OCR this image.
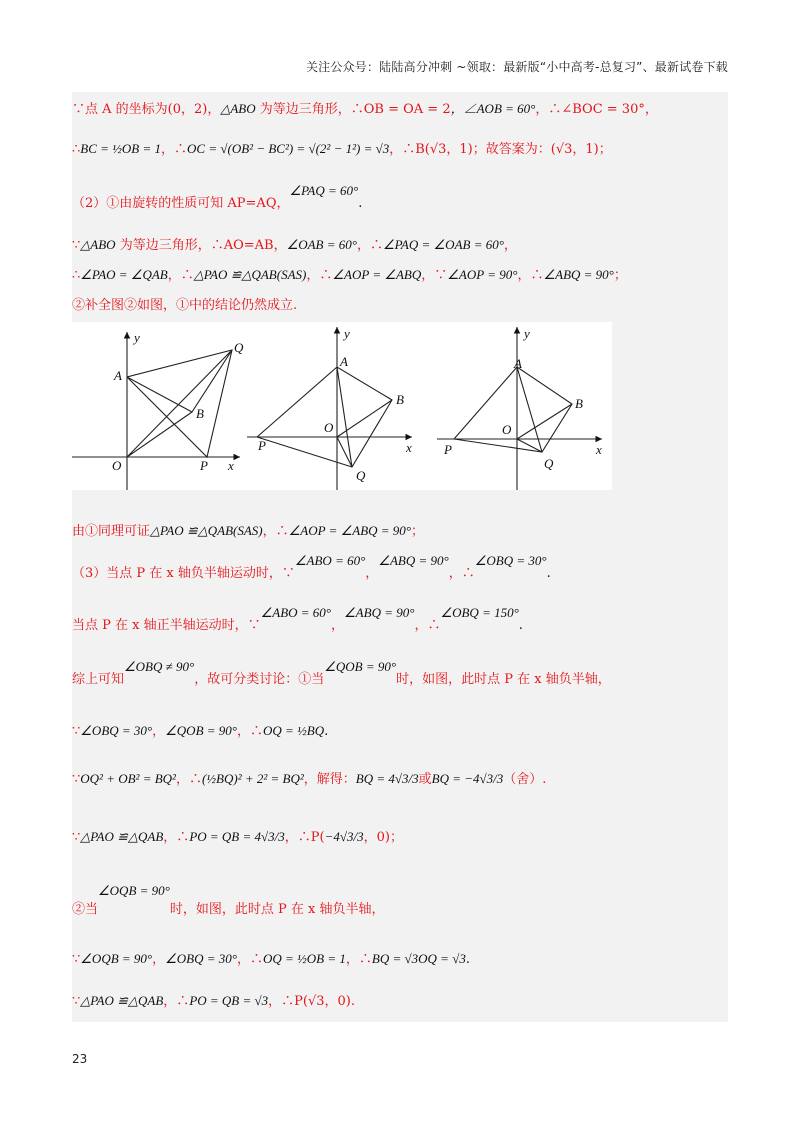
关注公众号：陆陆高分冲刺 ~领取：最新版“小中高考-总复习”、最新试卷下载
∵点 A 的坐标为(0，2)，△ABO 为等边三角形，∴OB = OA = 2，∠AOB = 60°，∴∠BOC = 30°，
∴BC = ½OB = 1，∴OC = √(OB² − BC²) = √(2² − 1²) = √3，∴B(√3，1)；故答案为：(√3，1)；
（2）①由旋转的性质可知 AP=AQ，∠PAQ = 60°.
∵△ABO 为等边三角形，∴AO=AB，∠OAB = 60°，∴∠PAQ = ∠OAB = 60°，
∴∠PAO = ∠QAB，∴△PAO ≌△QAB(SAS)，∴∠AOP = ∠ABQ，∵∠AOP = 90°，∴∠ABQ = 90°；
②补全图②如图，①中的结论仍然成立.
由①同理可证△PAO ≌△QAB(SAS)，∴∠AOP = ∠ABQ = 90°；
（3）当点 P 在 x 轴负半轴运动时，∵∠ABO = 60°，∠ABQ = 90°，∴∠OBQ = 30°.
当点 P 在 x 轴正半轴运动时，∵∠ABO = 60°，∠ABQ = 90°，∴∠OBQ = 150°.
综上可知∠OBQ ≠ 90°，故可分类讨论：①当∠QOB = 90°时，如图，此时点 P 在 x 轴负半轴，
∵∠OBQ = 30°，∠QOB = 90°，∴OQ = ½BQ.
∵OQ² + OB² = BQ²，∴(½BQ)² + 2² = BQ²，解得：BQ = 4√3/3或BQ = −4√3/3（舍）.
∵△PAO ≌△QAB，∴PO = QB = 4√3/3，∴P(−4√3/3，0)；
②当∠OQB = 90°时，如图，此时点 P 在 x 轴负半轴，
∵∠OQB = 90°，∠OBQ = 30°，∴OQ = ½OB = 1，∴BQ = √3OQ = √3.
∵△PAO ≌△QAB，∴PO = QB = √3，∴P(√3，0).
y
x
A
Q
B
O	P
y
x
A
B
O
P
Q
y
x
A
B
O
P
Q
23
